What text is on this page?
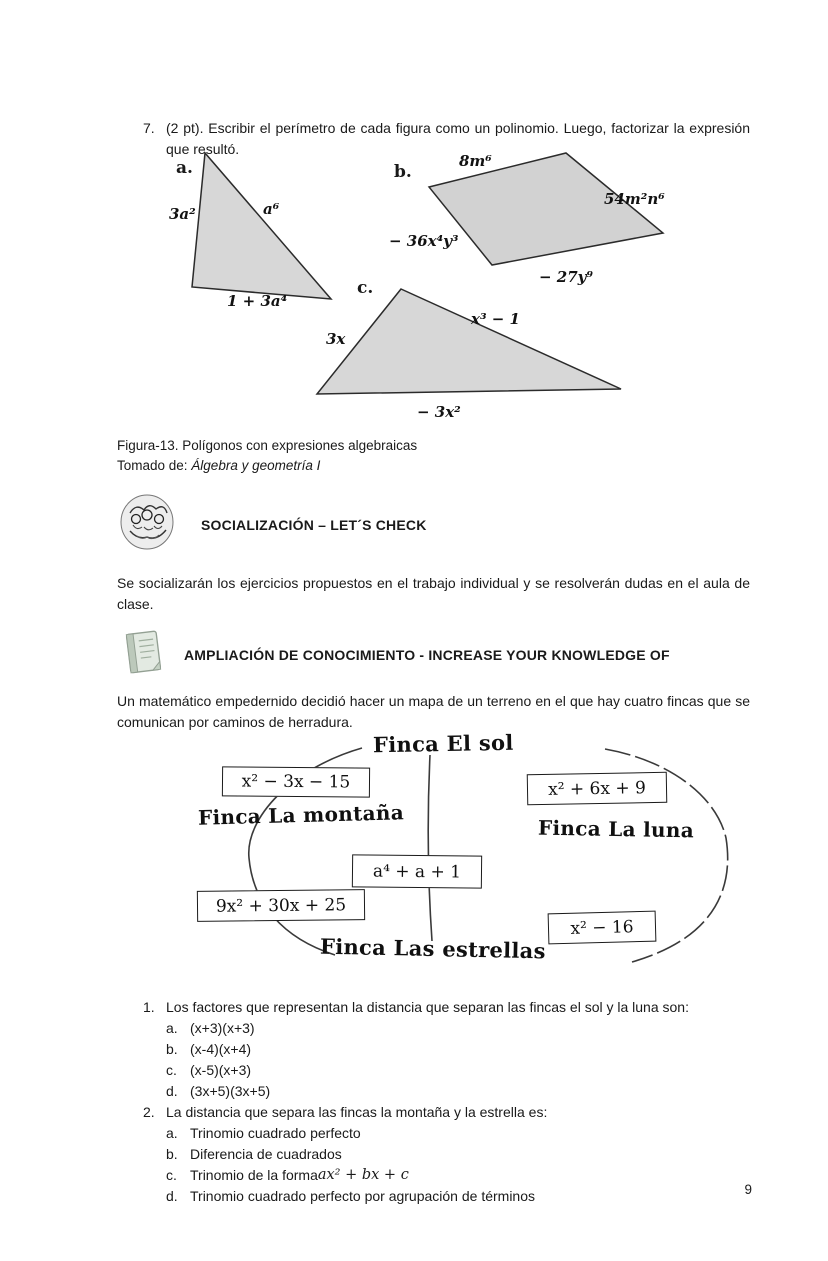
7. (2 pt). Escribir el perímetro de cada figura como un polinomio. Luego, factorizar la expresión que resultó.
a.
3a²	a⁶
1 + 3a⁴
b.
8m⁶
54m²n⁶
− 36x⁴y³
− 27y⁹
c.
3x
x³ − 1
− 3x²
Figura-13. Polígonos con expresiones algebraicas
Tomado de: Álgebra y geometría I
SOCIALIZACIÓN – LET´S CHECK
Se socializarán los ejercicios propuestos en el trabajo individual y se resolverán dudas en el aula de clase.
AMPLIACIÓN DE CONOCIMIENTO - INCREASE YOUR KNOWLEDGE OF
Un matemático empedernido decidió hacer un mapa de un terreno en el que hay cuatro fincas que se comunican por caminos de herradura.
Finca El sol
Finca La montaña	Finca La luna
Finca Las estrellas
x² − 3x − 15	x² + 6x + 9
a⁴ + a + 1
9x² + 30x + 25
x² − 16
1. Los factores que representan la distancia que separan las fincas el sol y la luna son:
a. (x+3)(x+3)
b. (x-4)(x+4)
c. (x-5)(x+3)
d. (3x+5)(3x+5)
2. La distancia que separa las fincas la montaña y la estrella es:
a. Trinomio cuadrado perfecto
b. Diferencia de cuadrados
c. Trinomio de la forma ax² + bx + c
d. Trinomio cuadrado perfecto por agrupación de términos	9
